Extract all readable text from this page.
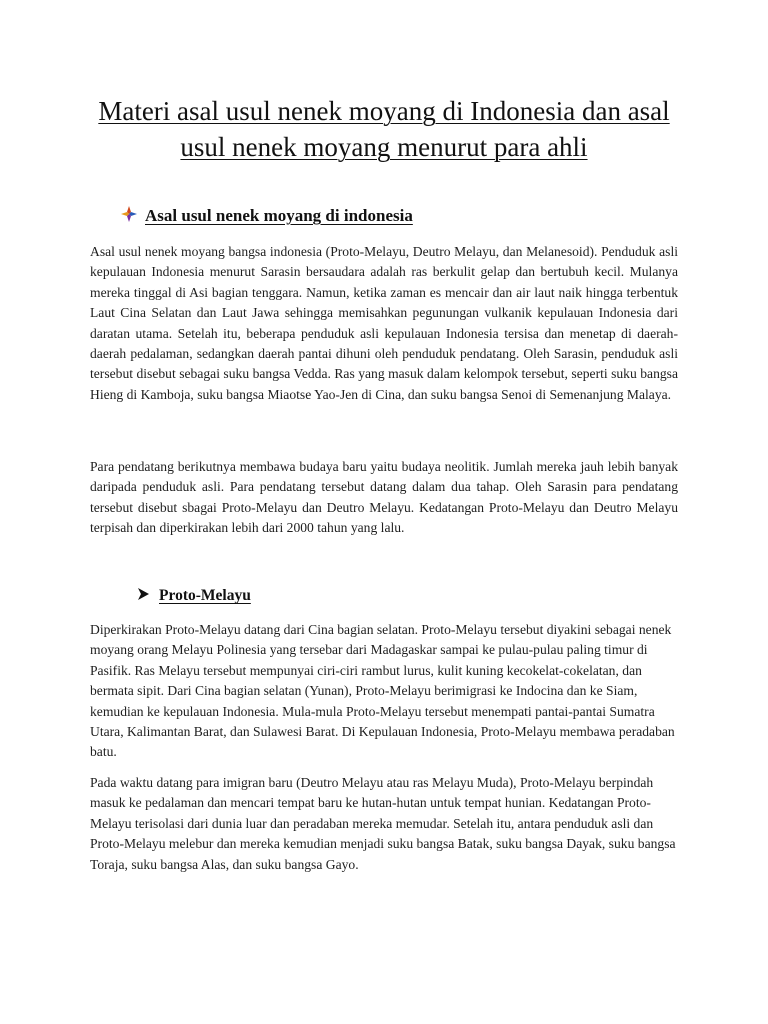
Materi asal usul nenek moyang di Indonesia dan asal usul nenek moyang menurut para ahli
Asal usul nenek moyang di indonesia

Asal usul nenek moyang bangsa indonesia (Proto-Melayu, Deutro Melayu, dan Melanesoid). Penduduk asli kepulauan Indonesia menurut Sarasin bersaudara adalah ras berkulit gelap dan bertubuh kecil. Mulanya mereka tinggal di Asi bagian tenggara. Namun, ketika zaman es mencair dan air laut naik hingga terbentuk Laut Cina Selatan dan Laut Jawa sehingga memisahkan pegunungan vulkanik kepulauan Indonesia dari daratan utama. Setelah itu, beberapa penduduk asli kepulauan Indonesia tersisa dan menetap di daerah-daerah pedalaman, sedangkan daerah pantai dihuni oleh penduduk pendatang. Oleh Sarasin, penduduk asli tersebut disebut sebagai suku bangsa Vedda. Ras yang masuk dalam kelompok tersebut, seperti suku bangsa Hieng di Kamboja, suku bangsa Miaotse Yao-Jen di Cina, dan suku bangsa Senoi di Semenanjung Malaya.

Para pendatang berikutnya membawa budaya baru yaitu budaya neolitik. Jumlah mereka jauh lebih banyak daripada penduduk asli. Para pendatang tersebut datang dalam dua tahap. Oleh Sarasin para pendatang tersebut disebut sbagai Proto-Melayu dan Deutro Melayu. Kedatangan Proto-Melayu dan Deutro Melayu terpisah dan diperkirakan lebih dari 2000 tahun yang lalu.

Proto-Melayu

Diperkirakan Proto-Melayu datang dari Cina bagian selatan. Proto-Melayu tersebut diyakini sebagai nenek moyang orang Melayu Polinesia yang tersebar dari Madagaskar sampai ke pulau-pulau paling timur di Pasifik. Ras Melayu tersebut mempunyai ciri-ciri rambut lurus, kulit kuning kecokelat-cokelatan, dan bermata sipit. Dari Cina bagian selatan (Yunan), Proto-Melayu berimigrasi ke Indocina dan ke Siam, kemudian ke kepulauan Indonesia. Mula-mula Proto-Melayu tersebut menempati pantai-pantai Sumatra Utara, Kalimantan Barat, dan Sulawesi Barat. Di Kepulauan Indonesia, Proto-Melayu membawa peradaban batu.

Pada waktu datang para imigran baru (Deutro Melayu atau ras Melayu Muda), Proto-Melayu berpindah masuk ke pedalaman dan mencari tempat baru ke hutan-hutan untuk tempat hunian. Kedatangan Proto-Melayu terisolasi dari dunia luar dan peradaban mereka memudar. Setelah itu, antara penduduk asli dan Proto-Melayu melebur dan mereka kemudian menjadi suku bangsa Batak, suku bangsa Dayak, suku bangsa Toraja, suku bangsa Alas, dan suku bangsa Gayo.
